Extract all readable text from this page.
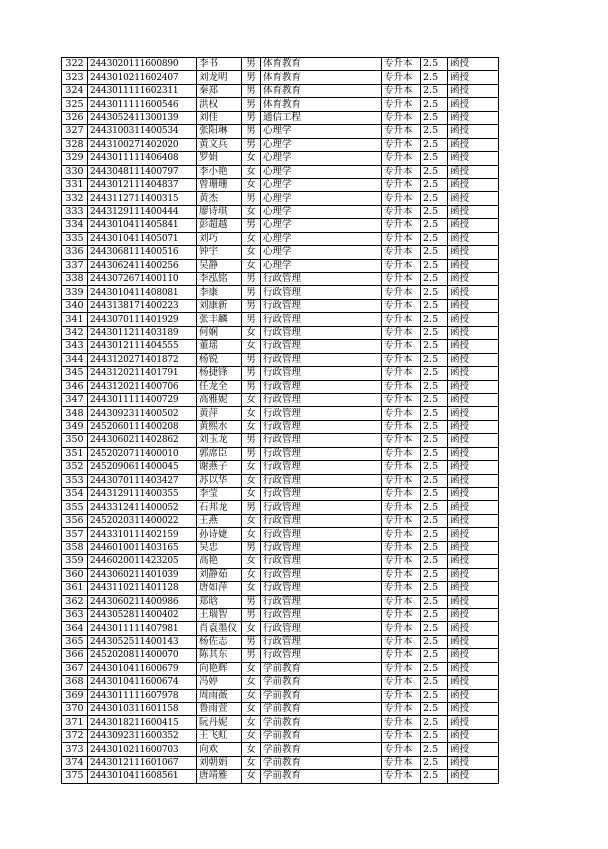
322	2443020111600890	李书	男	体育教育	专升本	2.5	函授
323	2443010211602407	刘龙明	男	体育教育	专升本	2.5	函授
324	2443011111602311	秦郑	男	体育教育	专升本	2.5	函授
325	2443011111600546	洪权	男	体育教育	专升本	2.5	函授
326	2443052411300139	刘佳	男	通信工程	专升本	2.5	函授
327	2443100311400534	张阳琳	男	心理学	专升本	2.5	函授
328	2443100271402020	黄文兵	男	心理学	专升本	2.5	函授
329	2443011111406408	罗娟	女	心理学	专升本	2.5	函授
330	2443048111400797	李小艳	女	心理学	专升本	2.5	函授
331	2443012111404837	曾珊珊	女	心理学	专升本	2.5	函授
332	2443112711400315	黄杰	男	心理学	专升本	2.5	函授
333	2443129111400444	廖诗琪	女	心理学	专升本	2.5	函授
334	2443010411405841	彭超越	男	心理学	专升本	2.5	函授
335	2443010411405071	刘巧	女	心理学	专升本	2.5	函授
336	2443068111400516	钟宇	女	心理学	专升本	2.5	函授
337	2443062411400256	吴静	女	心理学	专升本	2.5	函授
338	2443072671400110	李泓铭	男	行政管理	专升本	2.5	函授
339	2443010411408081	李康	男	行政管理	专升本	2.5	函授
340	2443138171400223	刘康新	男	行政管理	专升本	2.5	函授
341	2443070111401929	张丰麟	男	行政管理	专升本	2.5	函授
342	2443011211403189	何娴	女	行政管理	专升本	2.5	函授
343	2443012111404555	董瑶	女	行政管理	专升本	2.5	函授
344	2443120271401872	杨锐	男	行政管理	专升本	2.5	函授
345	2443120211401791	杨捷锋	男	行政管理	专升本	2.5	函授
346	2443120211400706	任龙全	男	行政管理	专升本	2.5	函授
347	2443011111400729	高雅妮	女	行政管理	专升本	2.5	函授
348	2443092311400502	黄萍	女	行政管理	专升本	2.5	函授
349	2452060111400208	黄熙水	女	行政管理	专升本	2.5	函授
350	2443060211402862	刘玉龙	男	行政管理	专升本	2.5	函授
351	2452020711400010	郭席臣	男	行政管理	专升本	2.5	函授
352	2452090611400045	谢燕子	女	行政管理	专升本	2.5	函授
353	2443070111403427	苏以华	女	行政管理	专升本	2.5	函授
354	2443129111400355	李莹	女	行政管理	专升本	2.5	函授
355	2443312411400052	石邦龙	男	行政管理	专升本	2.5	函授
356	2452020311400022	王燕	女	行政管理	专升本	2.5	函授
357	2443310111402159	孙诗婕	女	行政管理	专升本	2.5	函授
358	2446010011403165	吴忠	男	行政管理	专升本	2.5	函授
359	2446020011423205	高艳	女	行政管理	专升本	2.5	函授
360	2443060211401039	刘静茹	女	行政管理	专升本	2.5	函授
361	2443110211401128	唐如萍	女	行政管理	专升本	2.5	函授
362	2443060211400986	郑晗	男	行政管理	专升本	2.5	函授
363	2443052811400402	王瑞智	男	行政管理	专升本	2.5	函授
364	2443011111407981	肖袁墨仪	女	行政管理	专升本	2.5	函授
365	2443052511400143	杨佐志	男	行政管理	专升本	2.5	函授
366	2452020811400070	陈其东	男	行政管理	专升本	2.5	函授
367	2443010411600679	向艳辉	女	学前教育	专升本	2.5	函授
368	2443010411600674	冯婷	女	学前教育	专升本	2.5	函授
369	2443011111607978	周雨薇	女	学前教育	专升本	2.5	函授
370	2443010311601158	鲁雨萱	女	学前教育	专升本	2.5	函授
371	2443018211600415	阮丹妮	女	学前教育	专升本	2.5	函授
372	2443092311600352	王飞虹	女	学前教育	专升本	2.5	函授
373	2443010211600703	向欢	女	学前教育	专升本	2.5	函授
374	2443012111601067	刘朝娟	女	学前教育	专升本	2.5	函授
375	2443010411608561	唐靖雅	女	学前教育	专升本	2.5	函授
